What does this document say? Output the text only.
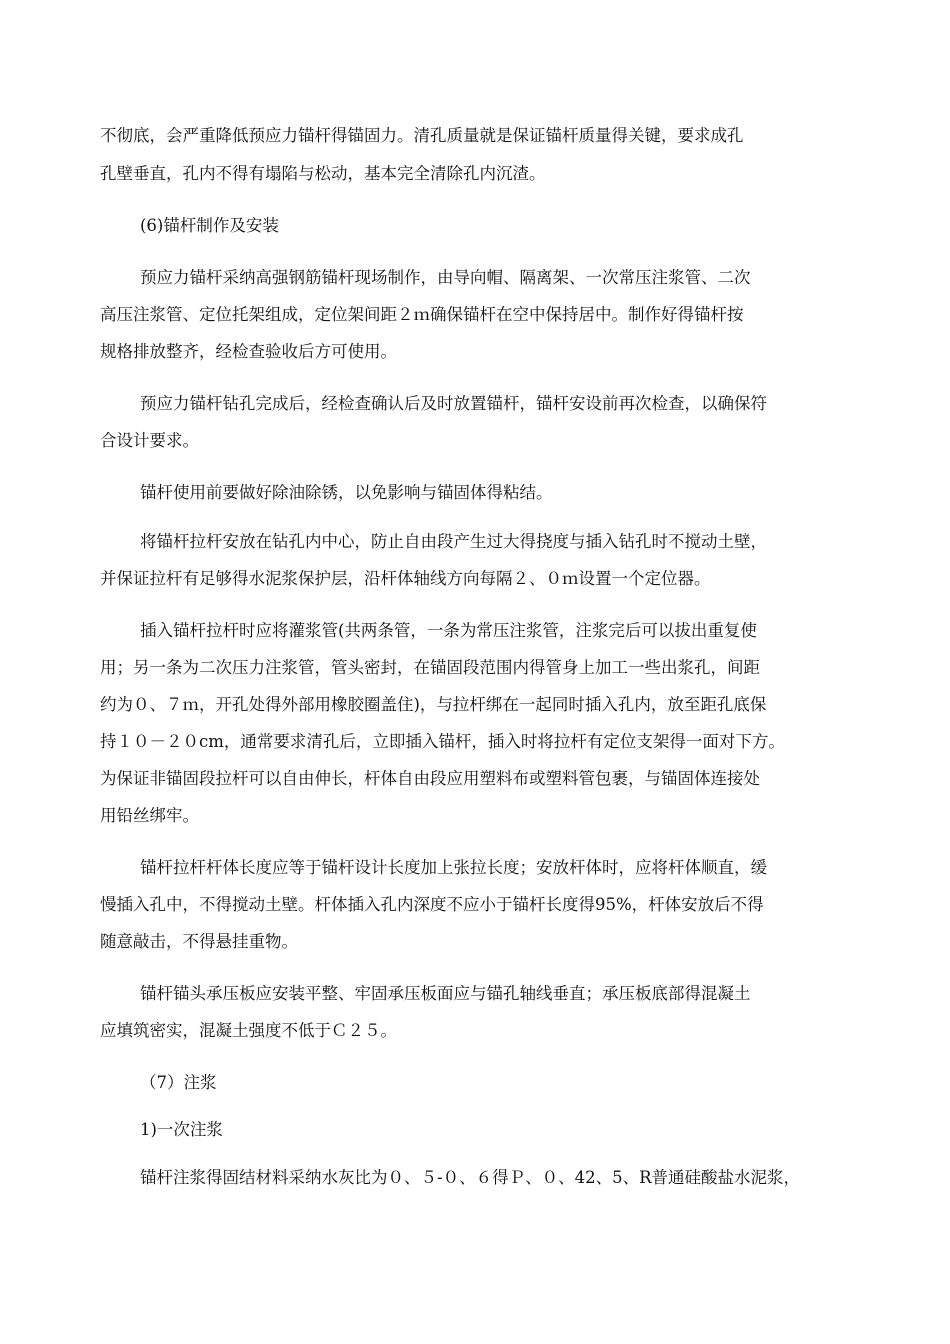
不彻底，会严重降低预应力锚杆得锚固力。清孔质量就是保证锚杆质量得关键，要求成孔
孔壁垂直，孔内不得有塌陷与松动，基本完全清除孔内沉渣。
(6)锚杆制作及安装
预应力锚杆采纳高强钢筋锚杆现场制作，由导向帽、隔离架、一次常压注浆管、二次
高压注浆管、定位托架组成，定位架间距２ｍ确保锚杆在空中保持居中。制作好得锚杆按
规格排放整齐，经检查验收后方可使用。
预应力锚杆钻孔完成后，经检查确认后及时放置锚杆，锚杆安设前再次检查，以确保符
合设计要求。
锚杆使用前要做好除油除锈，以免影响与锚固体得粘结。
将锚杆拉杆安放在钻孔内中心，防止自由段产生过大得挠度与插入钻孔时不搅动土壁，
并保证拉杆有足够得水泥浆保护层，沿杆体轴线方向每隔２、０ｍ设置一个定位器。
插入锚杆拉杆时应将灌浆管(共两条管，一条为常压注浆管，注浆完后可以拔出重复使
用；另一条为二次压力注浆管，管头密封，在锚固段范围内得管身上加工一些出浆孔，间距
约为０、７ｍ，开孔处得外部用橡胶圈盖住)，与拉杆绑在一起同时插入孔内，放至距孔底保
持１０－２０cm，通常要求清孔后，立即插入锚杆，插入时将拉杆有定位支架得一面对下方。
为保证非锚固段拉杆可以自由伸长，杆体自由段应用塑料布或塑料管包裹，与锚固体连接处
用铅丝绑牢。
锚杆拉杆杆体长度应等于锚杆设计长度加上张拉长度；安放杆体时，应将杆体顺直，缓
慢插入孔中，不得搅动土壁。杆体插入孔内深度不应小于锚杆长度得95%，杆体安放后不得
随意敲击，不得悬挂重物。
锚杆锚头承压板应安装平整、牢固承压板面应与锚孔轴线垂直；承压板底部得混凝土
应填筑密实，混凝土强度不低于Ｃ２５。
（7）注浆
1)一次注浆
锚杆注浆得固结材料采纳水灰比为０、５-０、６得Ｐ、０、42、5、R普通硅酸盐水泥浆，
